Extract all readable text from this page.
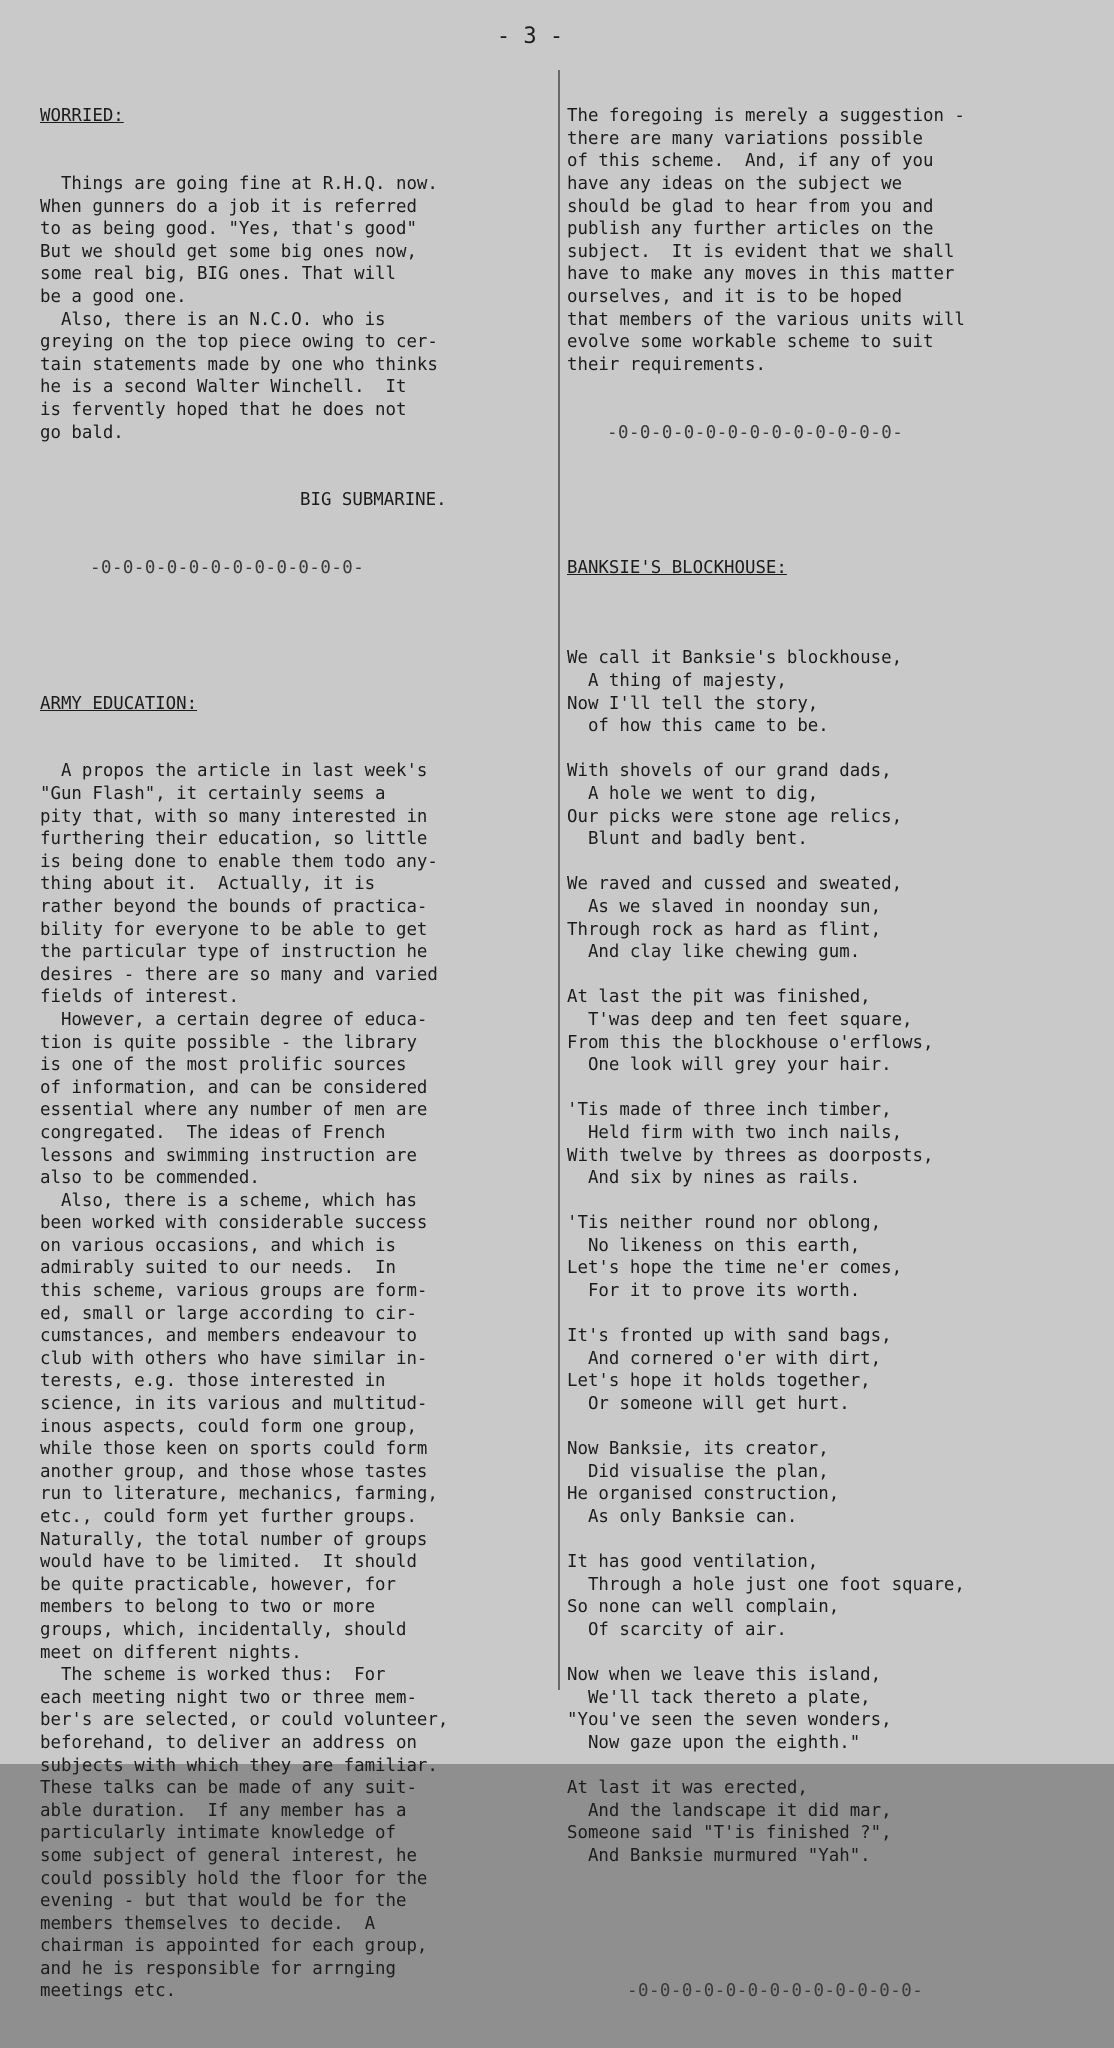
- 3 -

WORRIED:

Things are going fine at R.H.Q. now.
When gunners do a job it is referred
to as being good. "Yes, that's good"
But we should get some big ones now,
some real big, BIG ones. That will
be a good one.
Also, there is an N.C.O. who is
greying on the top piece owing to cer-
tain statements made by one who thinks
he is a second Walter Winchell.  It
is fervently hoped that he does not
go bald.

BIG SUBMARINE.

-0-0-0-0-0-0-0-0-0-0-0-0-

ARMY EDUCATION:

A propos the article in last week's
"Gun Flash", it certainly seems a
pity that, with so many interested in
furthering their education, so little
is being done to enable them todo any-
thing about it.  Actually, it is
rather beyond the bounds of practica-
bility for everyone to be able to get
the particular type of instruction he
desires - there are so many and varied
fields of interest.
However, a certain degree of educa-
tion is quite possible - the library
is one of the most prolific sources
of information, and can be considered
essential where any number of men are
congregated.  The ideas of French
lessons and swimming instruction are
also to be commended.
Also, there is a scheme, which has
been worked with considerable success
on various occasions, and which is
admirably suited to our needs.  In
this scheme, various groups are form-
ed, small or large according to cir-
cumstances, and members endeavour to
club with others who have similar in-
terests, e.g. those interested in
science, in its various and multitud-
inous aspects, could form one group,
while those keen on sports could form
another group, and those whose tastes
run to literature, mechanics, farming,
etc., could form yet further groups.
Naturally, the total number of groups
would have to be limited.  It should
be quite practicable, however, for
members to belong to two or more
groups, which, incidentally, should
meet on different nights.
The scheme is worked thus:  For
each meeting night two or three mem-
ber's are selected, or could volunteer,
beforehand, to deliver an address on
subjects with which they are familiar.
These talks can be made of any suit-
able duration.  If any member has a
particularly intimate knowledge of
some subject of general interest, he
could possibly hold the floor for the
evening - but that would be for the
members themselves to decide.  A
chairman is appointed for each group,
and he is responsible for arrnging
meetings etc.

The foregoing is merely a suggestion -
there are many variations possible
of this scheme.  And, if any of you
have any ideas on the subject we
should be glad to hear from you and
publish any further articles on the
subject.  It is evident that we shall
have to make any moves in this matter
ourselves, and it is to be hoped
that members of the various units will
evolve some workable scheme to suit
their requirements.

-0-0-0-0-0-0-0-0-0-0-0-0-0-

BANKSIE'S BLOCKHOUSE:

We call it Banksie's blockhouse,
A thing of majesty,
Now I'll tell the story,
of how this came to be.
With shovels of our grand dads,
A hole we went to dig,
Our picks were stone age relics,
Blunt and badly bent.
We raved and cussed and sweated,
As we slaved in noonday sun,
Through rock as hard as flint,
And clay like chewing gum.
At last the pit was finished,
T'was deep and ten feet square,
From this the blockhouse o'erflows,
One look will grey your hair.
'Tis made of three inch timber,
Held firm with two inch nails,
With twelve by threes as doorposts,
And six by nines as rails.
'Tis neither round nor oblong,
No likeness on this earth,
Let's hope the time ne'er comes,
For it to prove its worth.
It's fronted up with sand bags,
And cornered o'er with dirt,
Let's hope it holds together,
Or someone will get hurt.
Now Banksie, its creator,
Did visualise the plan,
He organised construction,
As only Banksie can.
It has good ventilation,
Through a hole just one foot square,
So none can well complain,
Of scarcity of air.
Now when we leave this island,
We'll tack thereto a plate,
"You've seen the seven wonders,
Now gaze upon the eighth."
At last it was erected,
And the landscape it did mar,
Someone said "T'is finished ?",
And Banksie murmured "Yah".

-0-0-0-0-0-0-0-0-0-0-0-0-0-
